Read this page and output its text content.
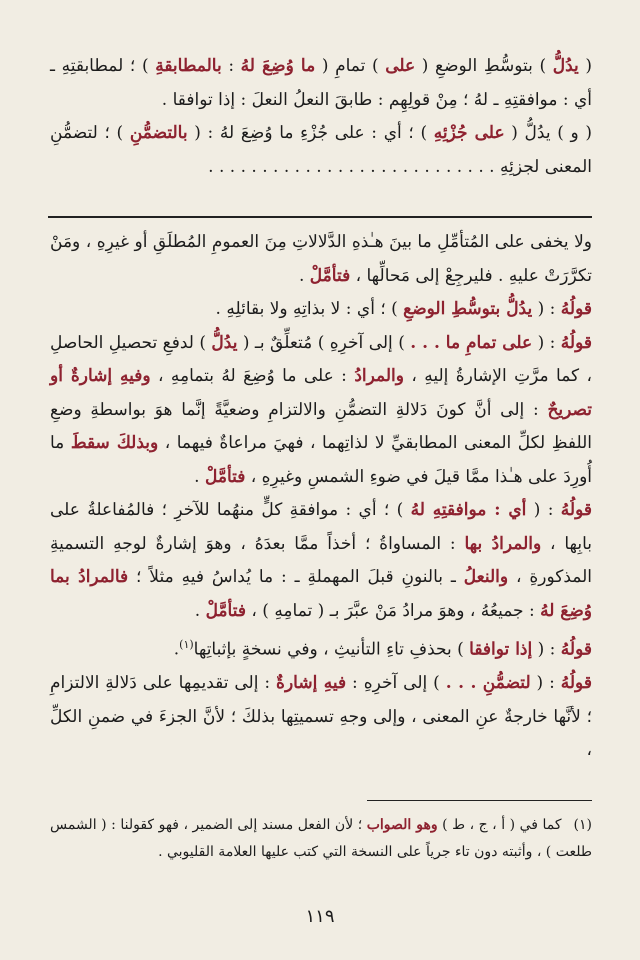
( يدُلُّ ) بتوسُّطِ الوضعِ ( على ) تمامِ ( ما وُضِعَ لهُ : بالمطابقةِ ) ؛ لمطابقتِهِ ـ أي : موافقتِهِ ـ لهُ ؛ مِنْ قولِهِم : طابقَ النعلُ النعلَ : إذا توافقا .

( و ) يدُلُّ ( على جُزْئِهِ ) ؛ أي : على جُزْءِ ما وُضِعَ لهُ : ( بالتضمُّنِ ) ؛ لتضمُّنِ المعنى لجزئِهِ . . . . . . . . . . . . . . . . . . . . . . . . . . .

ولا يخفى على المُتأمِّلِ ما بينَ هـٰذهِ الدَّلالاتِ مِنَ العمومِ المُطلَقِ أو غيرِهِ ، ومَنْ تكرَّرَتْ عليهِ . فليرجِعْ إلى مَحالِّها ، فتأمَّلْ .

قولُهُ : ( يدُلُّ بتوسُّطِ الوضعِ ) ؛ أي : لا بذاتِهِ ولا بقائلِهِ .

قولُهُ : ( على تمامِ ما . . . ) إلى آخرِهِ ) مُتعلِّقٌ بـ ( يدُلُّ ) لدفعِ تحصيلِ الحاصلِ ، كما مرَّتِ الإشارةُ إليهِ ، والمرادُ : على ما وُضِعَ لهُ بتمامِهِ ، وفيهِ إشارةٌ أو تصريحٌ : إلى أنَّ كونَ دَلالةِ التضمُّنِ والالتزامِ وضعيَّةً إنَّما هوَ بواسطةِ وضعِ اللفظِ لكلِّ المعنى المطابقيِّ لا لذاتِهما ، فهيَ مراعاةٌ فيهما ، وبذلكَ سقطَ ما أُورِدَ على هـٰذا ممَّا قيلَ في ضوءِ الشمسِ وغيرِهِ ، فتأمَّلْ .

قولُهُ : ( أي : موافقتِهِ لهُ ) ؛ أي : موافقةِ كلٍّ منهُما للآخرِ ؛ فالمُفاعلةُ على بابِها ، والمرادُ بها : المساواةُ ؛ أخذاً ممَّا بعدَهُ ، وهوَ إشارةٌ لوجهِ التسميةِ المذكورةِ ، والنعلُ ـ بالنونِ قبلَ المهملةِ ـ : ما يُداسُ فيهِ مثلاً ؛ فالمرادُ بما وُضِعَ لهُ : جميعُهُ ، وهوَ مرادُ مَنْ عبَّرَ بـ ( تمامِهِ ) ، فتأمَّلْ .

قولُهُ : ( إذا توافقا ) بحذفِ تاءِ التأنيثِ ، وفي نسخةٍ بإثباتِها$^{(١)}$.

قولُهُ : ( لتضمُّنِ . . . ) إلى آخرِهِ : فيهِ إشارةٌ : إلى تقديمِها على دَلالةِ الالتزامِ ؛ لأنَّها خارجةٌ عنِ المعنى ، وإلى وجهِ تسميتِها بذلكَ ؛ لأنَّ الجزءَ في ضمنِ الكلِّ ،

(١)كما في ( أ ، ج ، ط ) وهو الصواب ؛ لأن الفعل مسند إلى الضمير ، فهو كقولنا : ( الشمس طلعت ) ، وأثبته دون تاء جرياً على النسخة التي كتب عليها العلامة القليوبي .

١١٩
